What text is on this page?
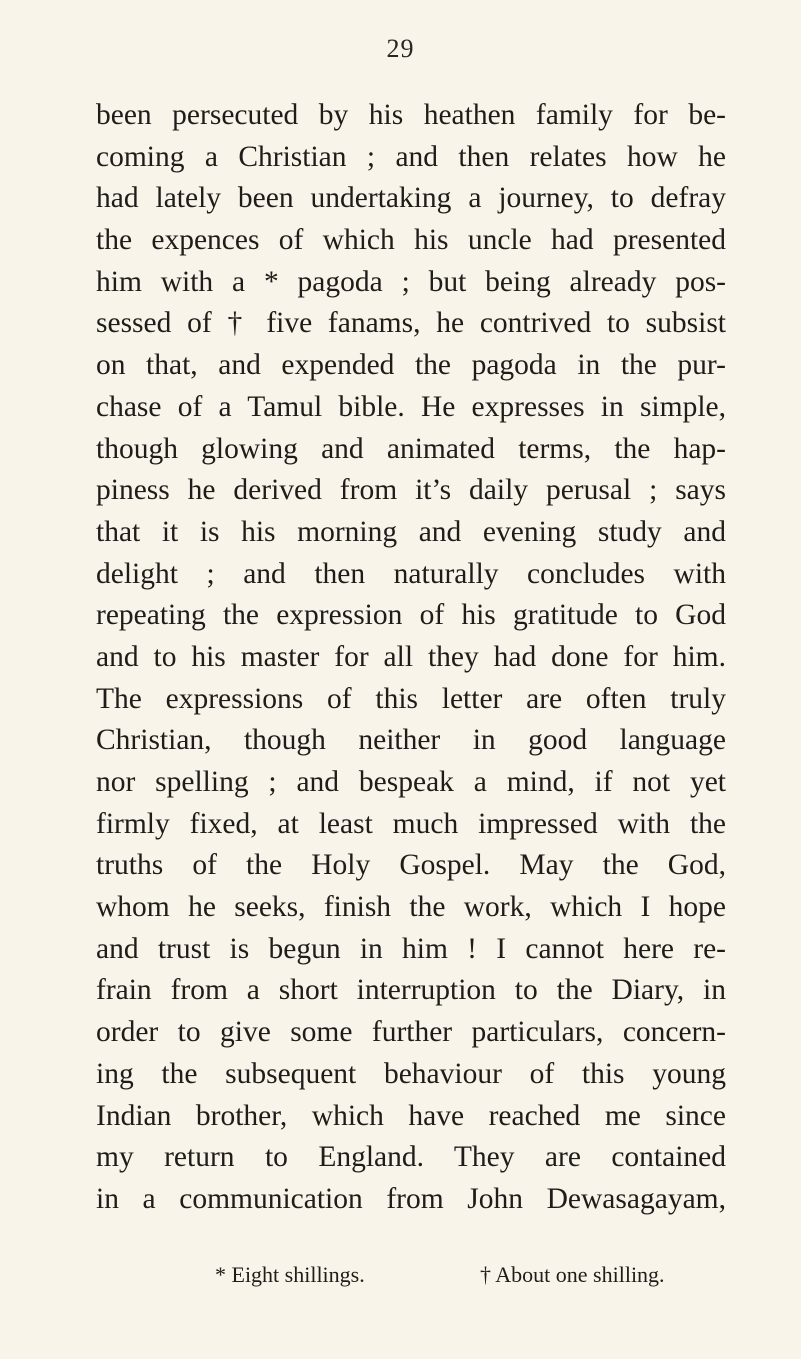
29
been persecuted by his heathen family for be-
coming a Christian ; and then relates how he
had lately been undertaking a journey, to defray
the expences of which his uncle had presented
him with a * pagoda ; but being already pos-
sessed of † five fanams, he contrived to subsist
on that, and expended the pagoda in the pur-
chase of a Tamul bible. He expresses in simple,
though glowing and animated terms, the hap-
piness he derived from it’s daily perusal ; says
that it is his morning and evening study and
delight ; and then naturally concludes with
repeating the expression of his gratitude to God
and to his master for all they had done for him.
The expressions of this letter are often truly
Christian, though neither in good language
nor spelling ; and bespeak a mind, if not yet
firmly fixed, at least much impressed with the
truths of the Holy Gospel. May the God,
whom he seeks, finish the work, which I hope
and trust is begun in him ! I cannot here re-
frain from a short interruption to the Diary, in
order to give some further particulars, concern-
ing the subsequent behaviour of this young
Indian brother, which have reached me since
my return to England. They are contained
in a communication from John Dewasagayam,
* Eight shillings.	† About one shilling.
